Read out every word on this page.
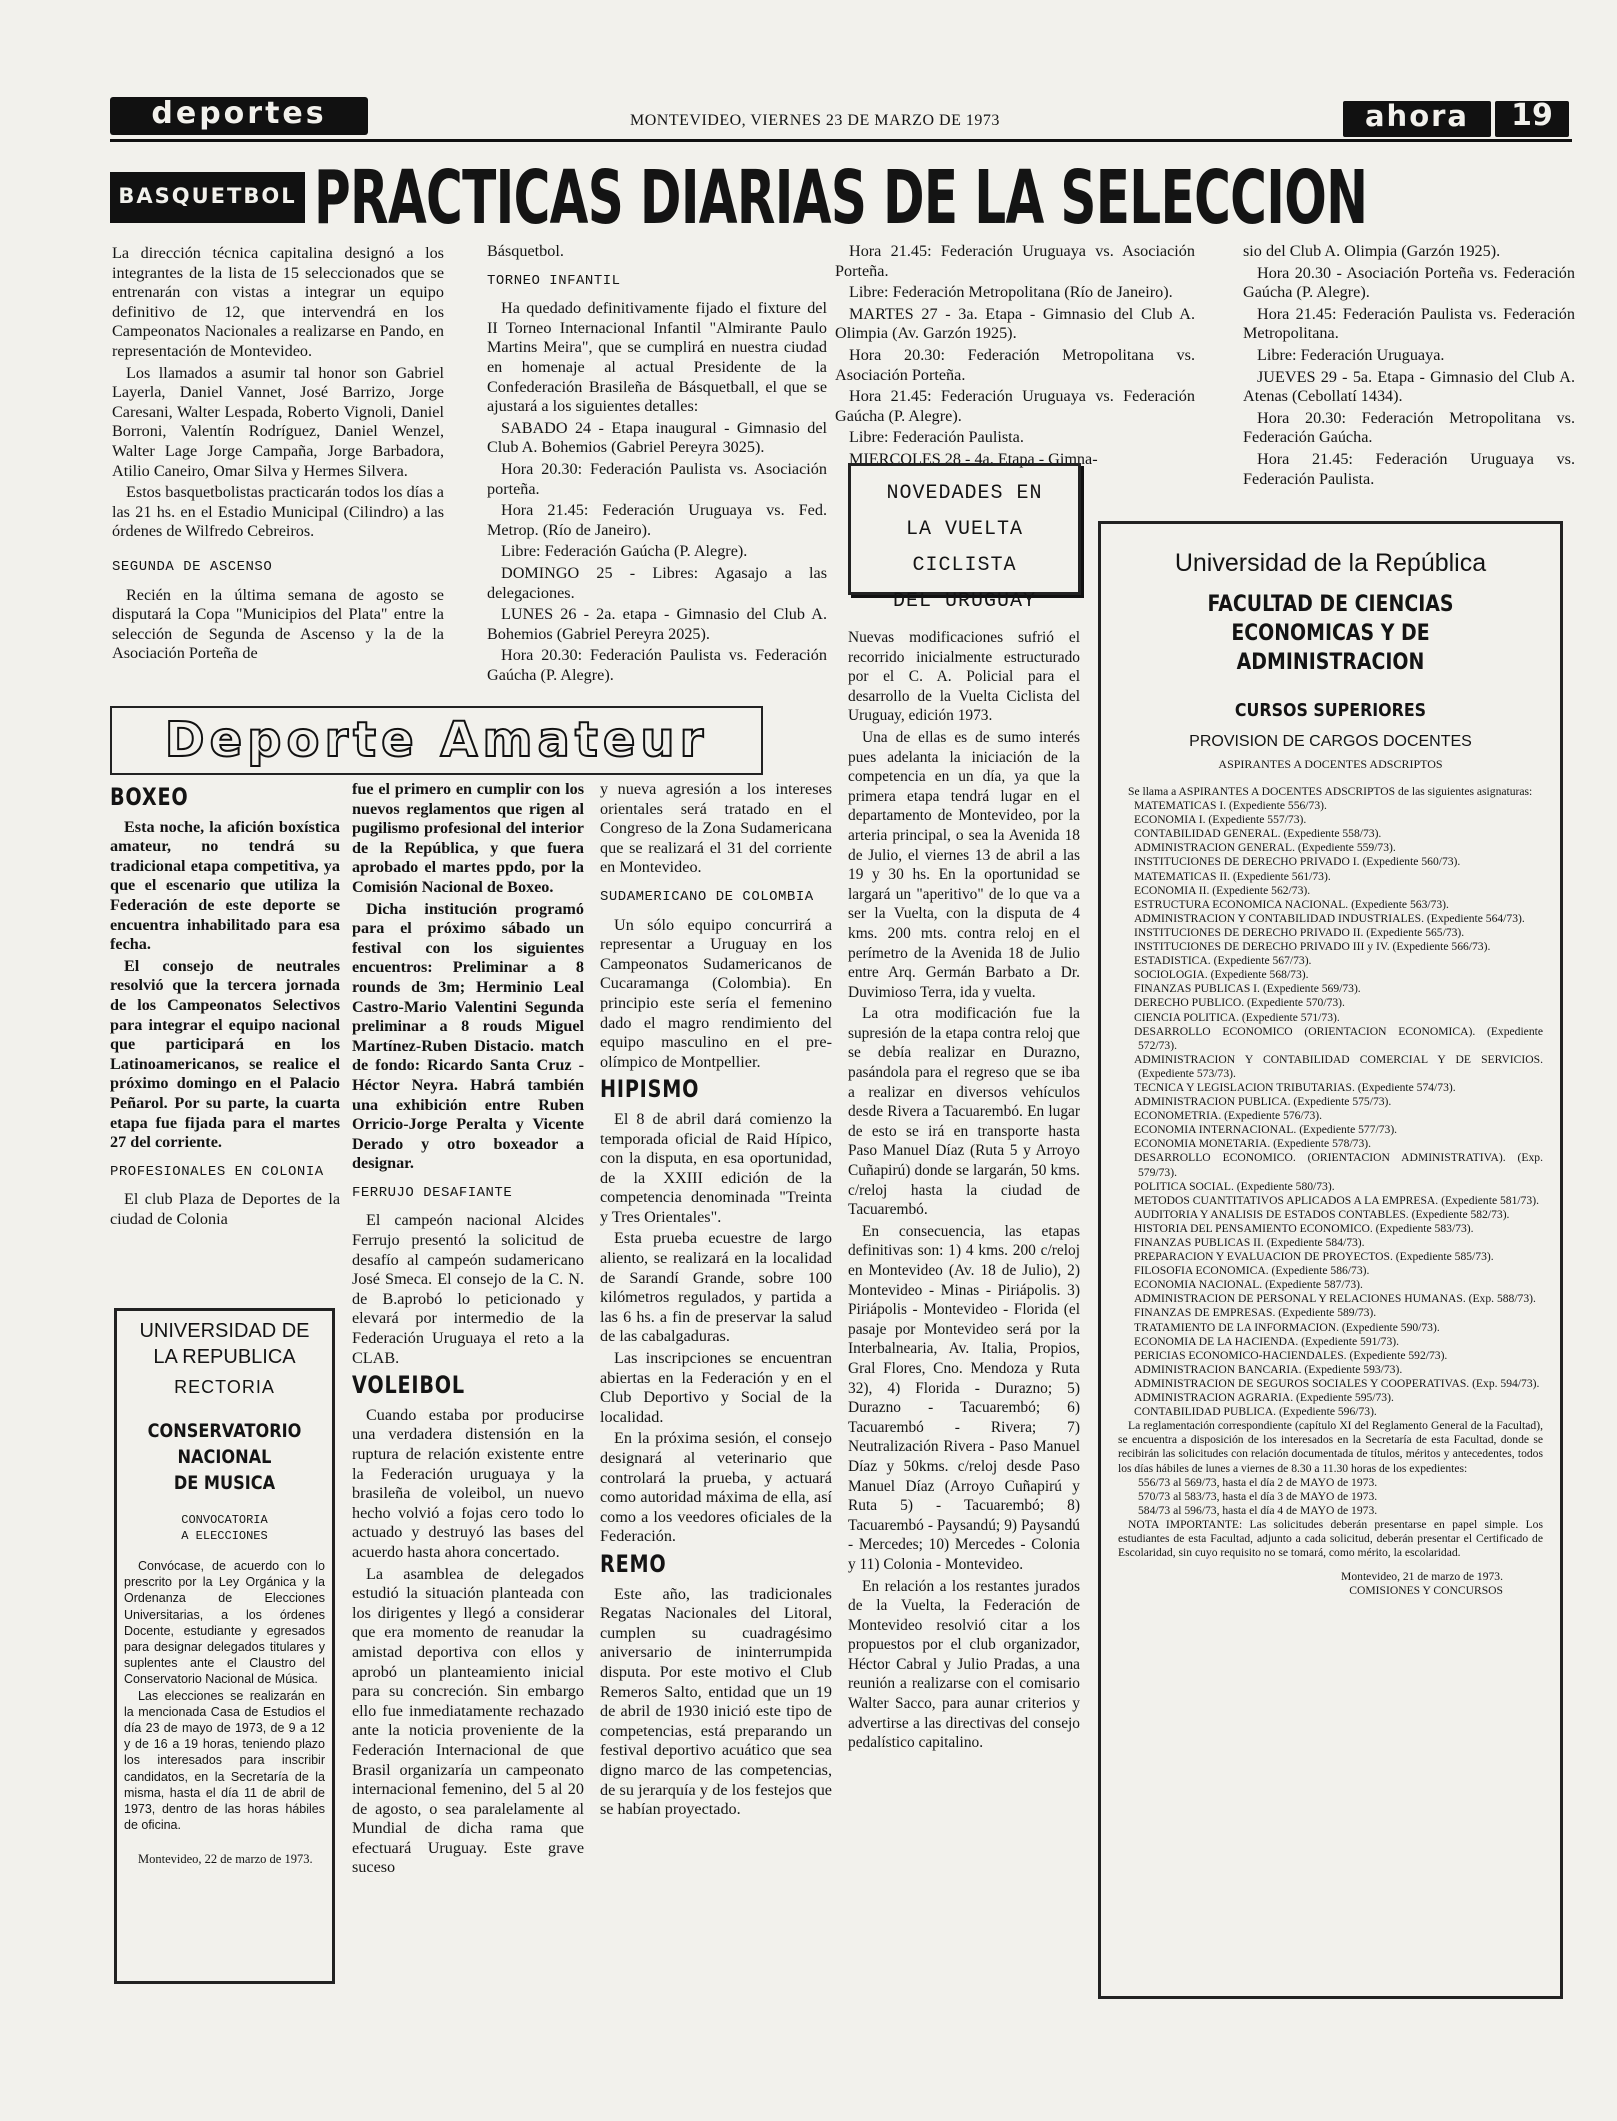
deportes	MONTEVIDEO, VIERNES 23 DE MARZO DE 1973	ahora	19
BASQUETBOL PRACTICAS DIARIAS DE LA SELECCION

La dirección técnica capitalina designó a los integrantes de la lista de 15 seleccionados que se entrenarán con vistas a integrar un equipo definitivo de 12, que intervendrá en los Campeonatos Nacionales a realizarse en Pando, en representación de Montevideo.

Los llamados a asumir tal honor son Gabriel Layerla, Daniel Vannet, José Barrizo, Jorge Caresani, Walter Lespada, Roberto Vignoli, Daniel Borroni, Valentín Rodríguez, Daniel Wenzel, Walter Lage Jorge Campaña, Jorge Barbadora, Atilio Caneiro, Omar Silva y Hermes Silvera.

Estos basquetbolistas practicarán todos los días a las 21 hs. en el Estadio Municipal (Cilindro) a las órdenes de Wilfredo Cebreiros.

SEGUNDA DE ASCENSO

Recién en la última semana de agosto se disputará la Copa "Municipios del Plata" entre la selección de Segunda de Ascenso y la de la Asociación Porteña de

Básquetbol.

TORNEO INFANTIL

Ha quedado definitivamente fijado el fixture del II Torneo Internacional Infantil "Almirante Paulo Martins Meira", que se cumplirá en nuestra ciudad en homenaje al actual Presidente de la Confederación Brasileña de Básquetball, el que se ajustará a los siguientes detalles:

SABADO 24 - Etapa inaugural - Gimnasio del Club A. Bohemios (Gabriel Pereyra 3025).

Hora 20.30: Federación Paulista vs. Asociación porteña.

Hora 21.45: Federación Uruguaya vs. Fed. Metrop. (Río de Janeiro).

Libre: Federación Gaúcha (P. Alegre).

DOMINGO 25 - Libres: Agasajo a las delegaciones.

LUNES 26 - 2a. etapa - Gimnasio del Club A. Bohemios (Gabriel Pereyra 2025).

Hora 20.30: Federación Paulista vs. Federación Gaúcha (P. Alegre).

Hora 21.45: Federación Uruguaya vs. Asociación Porteña.

Libre: Federación Metropolitana (Río de Janeiro).

MARTES 27 - 3a. Etapa - Gimnasio del Club A. Olimpia (Av. Garzón 1925).

Hora 20.30: Federación Metropolitana vs. Asociación Porteña.

Hora 21.45: Federación Uruguaya vs. Federación Gaúcha (P. Alegre).

Libre: Federación Paulista.

MIERCOLES 28 - 4a. Etapa - Gimna-

sio del Club A. Olimpia (Garzón 1925).

Hora 20.30 - Asociación Porteña vs. Federación Gaúcha (P. Alegre).

Hora 21.45: Federación Paulista vs. Federación Metropolitana.

Libre: Federación Uruguaya.

JUEVES 29 - 5a. Etapa - Gimnasio del Club A. Atenas (Cebollatí 1434).

Hora 20.30: Federación Metropolitana vs. Federación Gaúcha.

Hora 21.45: Federación Uruguaya vs. Federación Paulista.

NOVEDADES EN
LA VUELTA CICLISTA
DEL URUGUAY

Nuevas modificaciones sufrió el recorrido inicialmente estructurado por el C. A. Policial para el desarrollo de la Vuelta Ciclista del Uruguay, edición 1973.

Una de ellas es de sumo interés pues adelanta la iniciación de la competencia en un día, ya que la primera etapa tendrá lugar en el departamento de Montevideo, por la arteria principal, o sea la Avenida 18 de Julio, el viernes 13 de abril a las 19 y 30 hs. En la oportunidad se largará un "aperitivo" de lo que va a ser la Vuelta, con la disputa de 4 kms. 200 mts. contra reloj en el perímetro de la Avenida 18 de Julio entre Arq. Germán Barbato a Dr. Duvimioso Terra, ida y vuelta.

La otra modificación fue la supresión de la etapa contra reloj que se debía realizar en Durazno, pasándola para el regreso que se iba a realizar en diversos vehículos desde Rivera a Tacuarembó. En lugar de esto se irá en transporte hasta Paso Manuel Díaz (Ruta 5 y Arroyo Cuñapirú) donde se largarán, 50 kms. c/reloj hasta la ciudad de Tacuarembó.

En consecuencia, las etapas definitivas son: 1) 4 kms. 200 c/reloj en Montevideo (Av. 18 de Julio), 2) Montevideo - Minas - Piriápolis. 3) Piriápolis - Montevideo - Florida (el pasaje por Montevideo será por la Interbalnearia, Av. Italia, Propios, Gral Flores, Cno. Mendoza y Ruta 32), 4) Florida - Durazno; 5) Durazno - Tacuarembó; 6) Tacuarembó - Rivera; 7) Neutralización Rivera - Paso Manuel Díaz y 50kms. c/reloj desde Paso Manuel Díaz (Arroyo Cuñapirú y Ruta 5) - Tacuarembó; 8) Tacuarembó - Paysandú; 9) Paysandú - Mercedes; 10) Mercedes - Colonia y 11) Colonia - Montevideo.

En relación a los restantes jurados de la Vuelta, la Federación de Montevideo resolvió citar a los propuestos por el club organizador, Héctor Cabral y Julio Pradas, a una reunión a realizarse con el comisario Walter Sacco, para aunar criterios y advertirse a las directivas del consejo pedalístico capitalino.

Deporte Amateur
BOXEO

Esta noche, la afición boxística amateur, no tendrá su tradicional etapa competitiva, ya que el escenario que utiliza la Federación de este deporte se encuentra inhabilitado para esa fecha.

El consejo de neutrales resolvió que la tercera jornada de los Campeonatos Selectivos para integrar el equipo nacional que participará en los Latinoamericanos, se realice el próximo domingo en el Palacio Peñarol. Por su parte, la cuarta etapa fue fijada para el martes 27 del corriente.

PROFESIONALES EN COLONIA

El club Plaza de Deportes de la ciudad de Colonia

UNIVERSIDAD DE
LA REPUBLICA
RECTORIA
CONSERVATORIO
NACIONAL
DE MUSICA
CONVOCATORIA
A ELECCIONES

Convócase, de acuerdo con lo prescrito por la Ley Orgánica y la Ordenanza de Elecciones Universitarias, a los órdenes Docente, estudiante y egresados para designar delegados titulares y suplentes ante el Claustro del Conservatorio Nacional de Música.

Las elecciones se realizarán en la mencionada Casa de Estudios el día 23 de mayo de 1973, de 9 a 12 y de 16 a 19 horas, teniendo plazo los interesados para inscribir candidatos, en la Secretaría de la misma, hasta el día 11 de abril de 1973, dentro de las horas hábiles de oficina.

Montevideo, 22 de marzo de 1973.

fue el primero en cumplir con los nuevos reglamentos que rigen al pugilismo profesional del interior de la República, y que fuera aprobado el martes ppdo, por la Comisión Nacional de Boxeo.

Dicha institución programó para el próximo sábado un festival con los siguientes encuentros: Preliminar a 8 rounds de 3m; Herminio Leal Castro-Mario Valentini Segunda preliminar a 8 rouds Miguel Martínez-Ruben Distacio. match de fondo: Ricardo Santa Cruz - Héctor Neyra. Habrá también una exhibición entre Ruben Orricio-Jorge Peralta y Vicente Derado y otro boxeador a designar.

FERRUJO DESAFIANTE

El campeón nacional Alcides Ferrujo presentó la solicitud de desafío al campeón sudamericano José Smeca. El consejo de la C. N. de B.aprobó lo peticionado y elevará por intermedio de la Federación Uruguaya el reto a la CLAB.

VOLEIBOL

Cuando estaba por producirse una verdadera distensión en la ruptura de relación existente entre la Federación uruguaya y la brasileña de voleibol, un nuevo hecho volvió a fojas cero todo lo actuado y destruyó las bases del acuerdo hasta ahora concertado.

La asamblea de delegados estudió la situación planteada con los dirigentes y llegó a considerar que era momento de reanudar la amistad deportiva con ellos y aprobó un planteamiento inicial para su concreción. Sin embargo ello fue inmediatamente rechazado ante la noticia proveniente de la Federación Internacional de que Brasil organizaría un campeonato internacional femenino, del 5 al 20 de agosto, o sea paralelamente al Mundial de dicha rama que efectuará Uruguay. Este grave suceso

y nueva agresión a los intereses orientales será tratado en el Congreso de la Zona Sudamericana que se realizará el 31 del corriente en Montevideo.

SUDAMERICANO DE COLOMBIA

Un sólo equipo concurrirá a representar a Uruguay en los Campeonatos Sudamericanos de Cucaramanga (Colombia). En principio este sería el femenino dado el magro rendimiento del equipo masculino en el pre-olímpico de Montpellier.

HIPISMO

El 8 de abril dará comienzo la temporada oficial de Raid Hípico, con la disputa, en esa oportunidad, de la XXIII edición de la competencia denominada "Treinta y Tres Orientales".

Esta prueba ecuestre de largo aliento, se realizará en la localidad de Sarandí Grande, sobre 100 kilómetros regulados, y partida a las 6 hs. a fin de preservar la salud de las cabalgaduras.

Las inscripciones se encuentran abiertas en la Federación y en el Club Deportivo y Social de la localidad.

En la próxima sesión, el consejo designará al veterinario que controlará la prueba, y actuará como autoridad máxima de ella, así como a los veedores oficiales de la Federación.

REMO

Este año, las tradicionales Regatas Nacionales del Litoral, cumplen su cuadragésimo aniversario de ininterrumpida disputa. Por este motivo el Club Remeros Salto, entidad que un 19 de abril de 1930 inició este tipo de competencias, está preparando un festival deportivo acuático que sea digno marco de las competencias, de su jerarquía y de los festejos que se habían proyectado.

Universidad de la República
FACULTAD DE CIENCIAS
ECONOMICAS Y DE
ADMINISTRACION
CURSOS SUPERIORES
PROVISION DE CARGOS DOCENTES
ASPIRANTES A DOCENTES ADSCRIPTOS

Se llama a ASPIRANTES A DOCENTES ADSCRIPTOS de las siguientes asignaturas:

MATEMATICAS I. (Expediente 556/73).
ECONOMIA I. (Expediente 557/73).
CONTABILIDAD GENERAL. (Expediente 558/73).
ADMINISTRACION GENERAL. (Expediente 559/73).
INSTITUCIONES DE DERECHO PRIVADO I. (Expediente 560/73).
MATEMATICAS II. (Expediente 561/73).
ECONOMIA II. (Expediente 562/73).
ESTRUCTURA ECONOMICA NACIONAL. (Expediente 563/73).
ADMINISTRACION Y CONTABILIDAD INDUSTRIALES. (Expediente 564/73).
INSTITUCIONES DE DERECHO PRIVADO II. (Expediente 565/73).
INSTITUCIONES DE DERECHO PRIVADO III y IV. (Expediente 566/73).
ESTADISTICA. (Expediente 567/73).
SOCIOLOGIA. (Expediente 568/73).
FINANZAS PUBLICAS I. (Expediente 569/73).
DERECHO PUBLICO. (Expediente 570/73).
CIENCIA POLITICA. (Expediente 571/73).
DESARROLLO ECONOMICO (ORIENTACION ECONOMICA). (Expediente 572/73).
ADMINISTRACION Y CONTABILIDAD COMERCIAL Y DE SERVICIOS. (Expediente 573/73).
TECNICA Y LEGISLACION TRIBUTARIAS. (Expediente 574/73).
ADMINISTRACION PUBLICA. (Expediente 575/73).
ECONOMETRIA. (Expediente 576/73).
ECONOMIA INTERNACIONAL. (Expediente 577/73).
ECONOMIA MONETARIA. (Expediente 578/73).
DESARROLLO ECONOMICO. (ORIENTACION ADMINISTRATIVA). (Exp. 579/73).
POLITICA SOCIAL. (Expediente 580/73).
METODOS CUANTITATIVOS APLICADOS A LA EMPRESA. (Expediente 581/73).
AUDITORIA Y ANALISIS DE ESTADOS CONTABLES. (Expediente 582/73).
HISTORIA DEL PENSAMIENTO ECONOMICO. (Expediente 583/73).
FINANZAS PUBLICAS II. (Expediente 584/73).
PREPARACION Y EVALUACION DE PROYECTOS. (Expediente 585/73).
FILOSOFIA ECONOMICA. (Expediente 586/73).
ECONOMIA NACIONAL. (Expediente 587/73).
ADMINISTRACION DE PERSONAL Y RELACIONES HUMANAS. (Exp. 588/73).
FINANZAS DE EMPRESAS. (Expediente 589/73).
TRATAMIENTO DE LA INFORMACION. (Expediente 590/73).
ECONOMIA DE LA HACIENDA. (Expediente 591/73).
PERICIAS ECONOMICO-HACIENDALES. (Expediente 592/73).
ADMINISTRACION BANCARIA. (Expediente 593/73).
ADMINISTRACION DE SEGUROS SOCIALES Y COOPERATIVAS. (Exp. 594/73).
ADMINISTRACION AGRARIA. (Expediente 595/73).
CONTABILIDAD PUBLICA. (Expediente 596/73).

La reglamentación correspondiente (capítulo XI del Reglamento General de la Facultad), se encuentra a disposición de los interesados en la Secretaría de esta Facultad, donde se recibirán las solicitudes con relación documentada de títulos, méritos y antecedentes, todos los días hábiles de lunes a viernes de 8.30 a 11.30 horas de los expedientes:

556/73 al 569/73, hasta el día 2 de MAYO de 1973.
570/73 al 583/73, hasta el día 3 de MAYO de 1973.
584/73 al 596/73, hasta el día 4 de MAYO de 1973.

NOTA IMPORTANTE: Las solicitudes deberán presentarse en papel simple. Los estudiantes de esta Facultad, adjunto a cada solicitud, deberán presentar el Certificado de Escolaridad, sin cuyo requisito no se tomará, como mérito, la escolaridad.

Montevideo, 21 de marzo de 1973.
COMISIONES Y CONCURSOS
